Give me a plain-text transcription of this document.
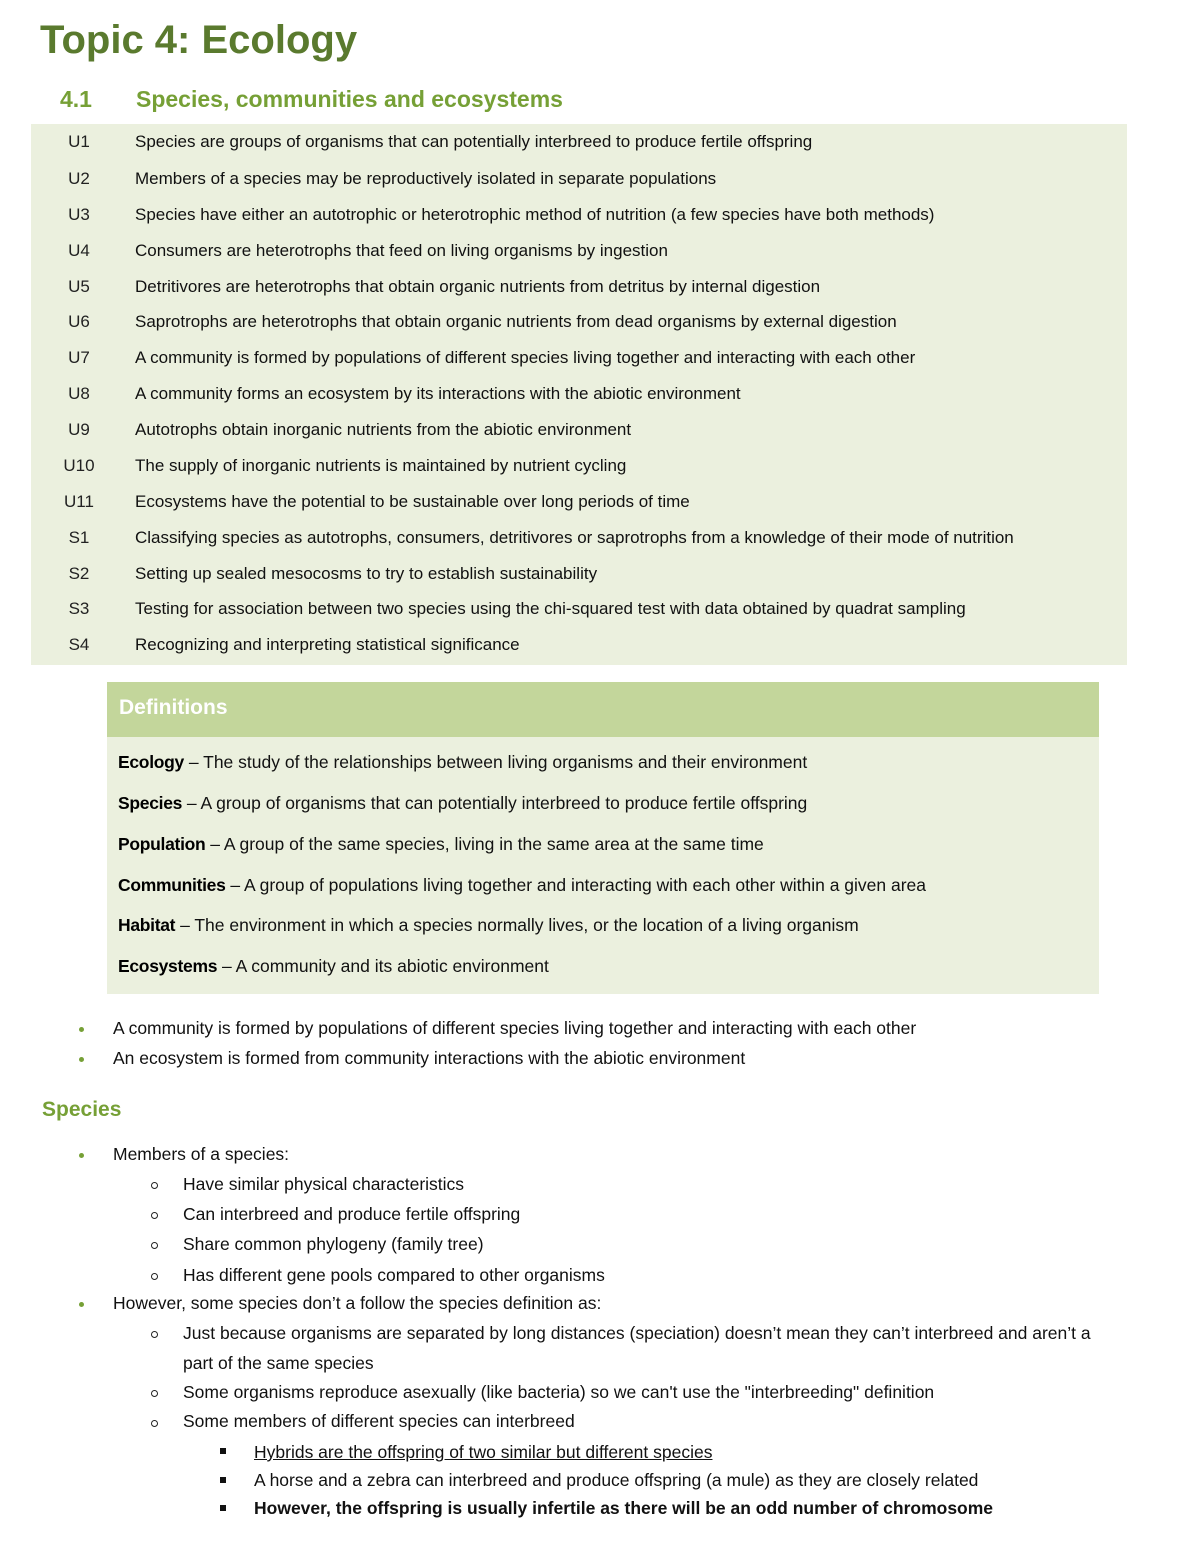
Topic 4: Ecology
4.1 Species, communities and ecosystems
U1	Species are groups of organisms that can potentially interbreed to produce fertile offspring
U2	Members of a species may be reproductively isolated in separate populations
U3	Species have either an autotrophic or heterotrophic method of nutrition (a few species have both methods)
U4	Consumers are heterotrophs that feed on living organisms by ingestion
U5	Detritivores are heterotrophs that obtain organic nutrients from detritus by internal digestion
U6	Saprotrophs are heterotrophs that obtain organic nutrients from dead organisms by external digestion
U7	A community is formed by populations of different species living together and interacting with each other
U8	A community forms an ecosystem by its interactions with the abiotic environment
U9	Autotrophs obtain inorganic nutrients from the abiotic environment
U10 The supply of inorganic nutrients is maintained by nutrient cycling
U11 Ecosystems have the potential to be sustainable over long periods of time
S1	Classifying species as autotrophs, consumers, detritivores or saprotrophs from a knowledge of their mode of nutrition
S2	Setting up sealed mesocosms to try to establish sustainability
S3	Testing for association between two species using the chi-squared test with data obtained by quadrat sampling
S4	Recognizing and interpreting statistical significance
Definitions
Ecology – The study of the relationships between living organisms and their environment
Species – A group of organisms that can potentially interbreed to produce fertile offspring
Population – A group of the same species, living in the same area at the same time
Communities – A group of populations living together and interacting with each other within a given area
Habitat – The environment in which a species normally lives, or the location of a living organism
Ecosystems – A community and its abiotic environment
A community is formed by populations of different species living together and interacting with each other
An ecosystem is formed from community interactions with the abiotic environment
Species
Members of a species:
Have similar physical characteristics
Can interbreed and produce fertile offspring
Share common phylogeny (family tree)
Has different gene pools compared to other organisms
However, some species don’t a follow the species definition as:
Just because organisms are separated by long distances (speciation) doesn’t mean they can’t interbreed and aren’t a
part of the same species
Some organisms reproduce asexually (like bacteria) so we can't use the "interbreeding" definition
Some members of different species can interbreed
Hybrids are the offspring of two similar but different species
A horse and a zebra can interbreed and produce offspring (a mule) as they are closely related
However, the offspring is usually infertile as there will be an odd number of chromosome
